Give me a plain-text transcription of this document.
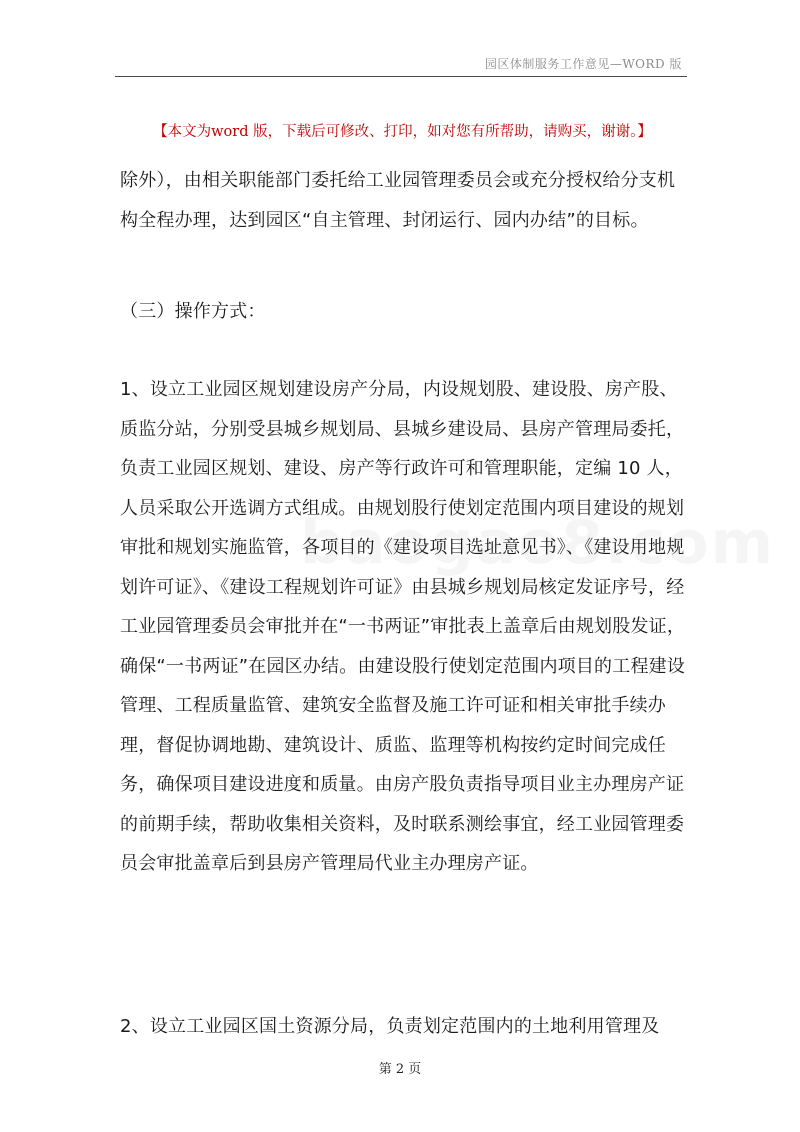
园区体制服务工作意见—WORD 版
【本文为word 版，下载后可修改、打印，如对您有所帮助，请购买，谢谢。】
除外），由相关职能部门委托给工业园管理委员会或充分授权给分支机构全程办理，达到园区“自主管理、封闭运行、园内办结”的目标。
（三）操作方式：
1、设立工业园区规划建设房产分局，内设规划股、建设股、房产股、质监分站，分别受县城乡规划局、县城乡建设局、县房产管理局委托，负责工业园区规划、建设、房产等行政许可和管理职能，定编 10 人，人员采取公开选调方式组成。由规划股行使划定范围内项目建设的规划审批和规划实施监管，各项目的《建设项目选址意见书》、《建设用地规划许可证》、《建设工程规划许可证》由县城乡规划局核定发证序号，经工业园管理委员会审批并在“一书两证”审批表上盖章后由规划股发证，确保“一书两证”在园区办结。由建设股行使划定范围内项目的工程建设管理、工程质量监管、建筑安全监督及施工许可证和相关审批手续办理，督促协调地勘、建筑设计、质监、监理等机构按约定时间完成任务，确保项目建设进度和质量。由房产股负责指导项目业主办理房产证的前期手续，帮助收集相关资料，及时联系测绘事宜，经工业园管理委员会审批盖章后到县房产管理局代业主办理房产证。
2、设立工业园区国土资源分局，负责划定范围内的土地利用管理及
第 2 页
